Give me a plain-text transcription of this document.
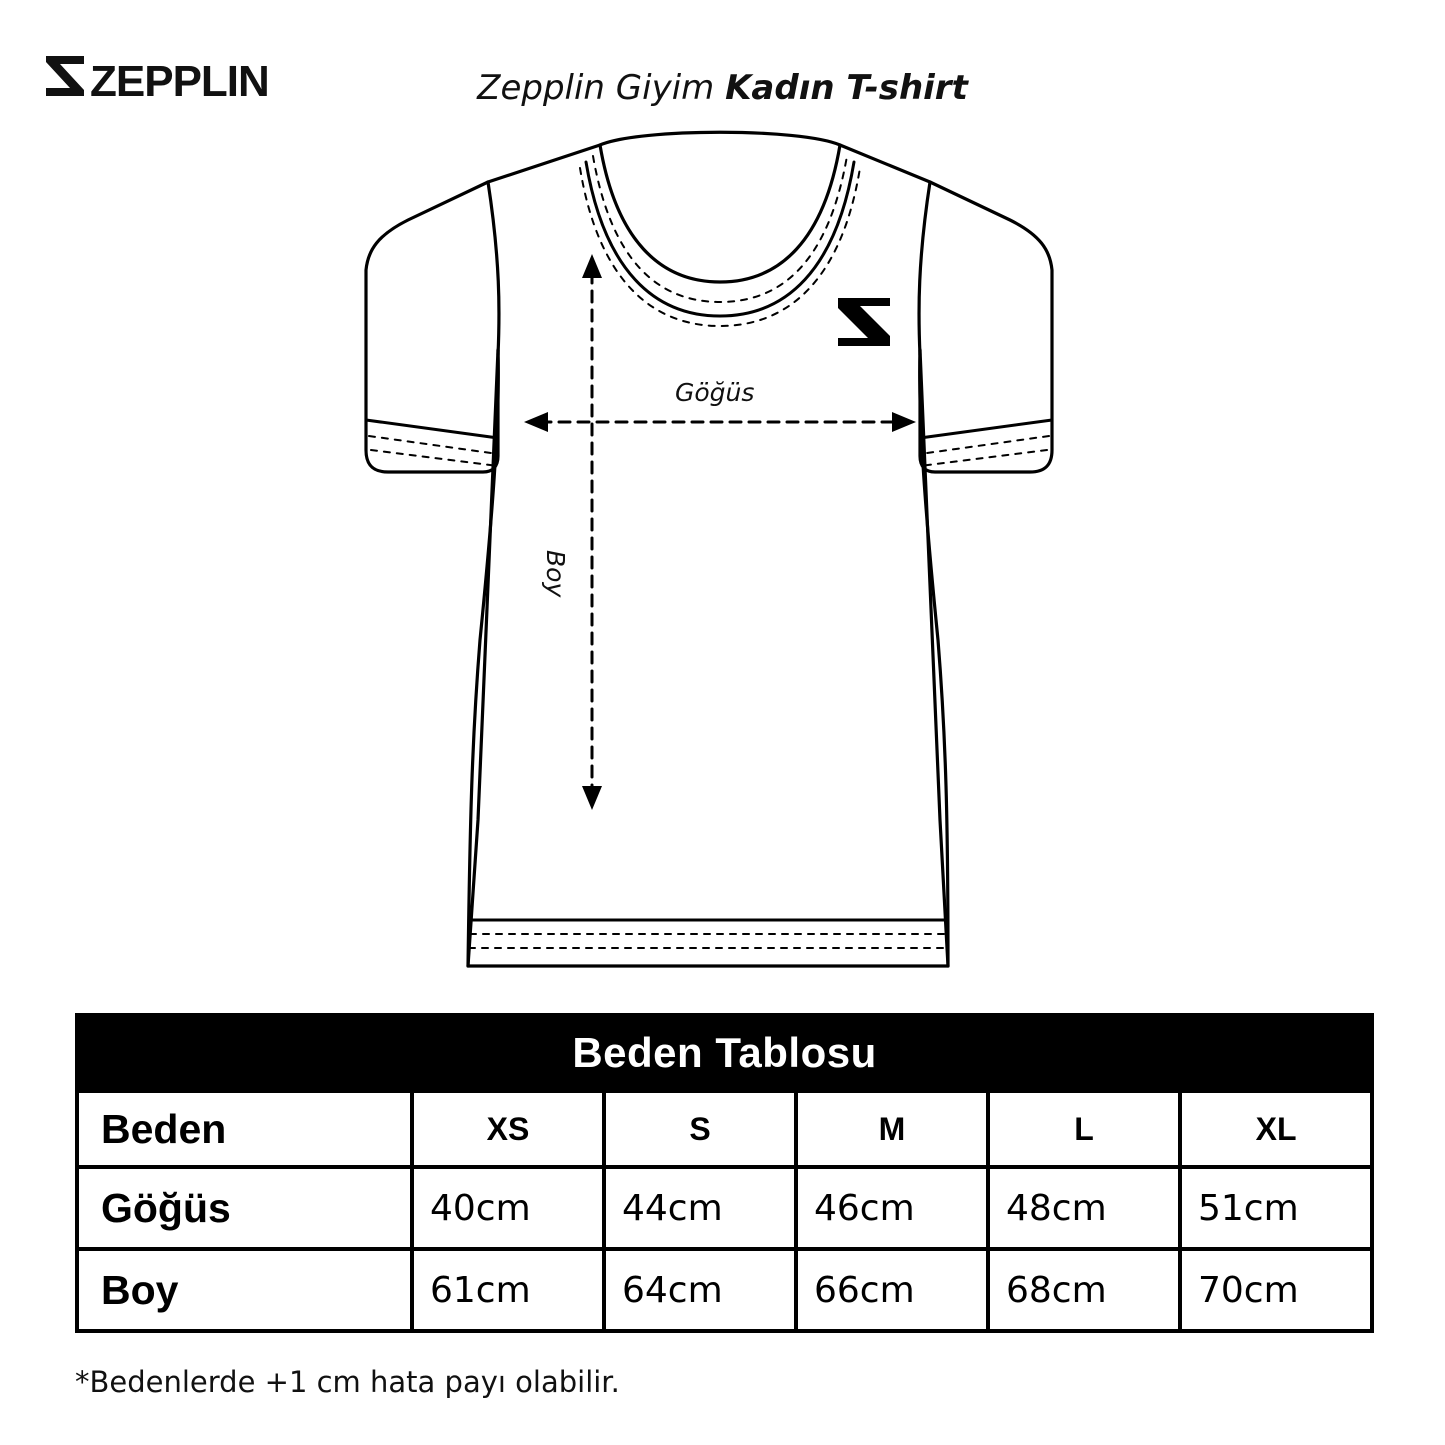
ZEPPLIN	Zepplin Giyim Kadın T-shirt
Göğüs
Boy
Beden Tablosu					
Beden	XS	S	M	L	XL
Göğüs	40cm	44cm	46cm	48cm	51cm
Boy	61cm	64cm	66cm	68cm	70cm
*Bedenlerde +1 cm hata payı olabilir.
